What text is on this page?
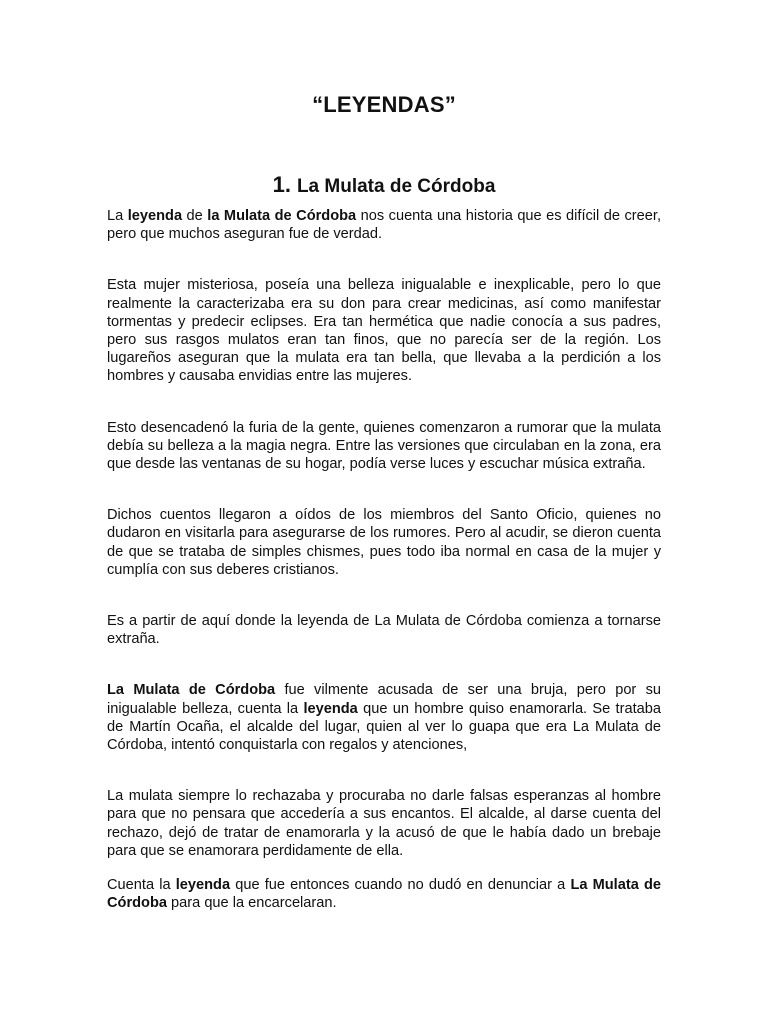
“LEYENDAS”
1. La Mulata de Córdoba

La leyenda de la Mulata de Córdoba nos cuenta una historia que es difícil de creer, pero que muchos aseguran fue de verdad.

Esta mujer misteriosa, poseía una belleza inigualable e inexplicable, pero lo que realmente la caracterizaba era su don para crear medicinas, así como manifestar tormentas y predecir eclipses. Era tan hermética que nadie conocía a sus padres, pero sus rasgos mulatos eran tan finos, que no parecía ser de la región. Los lugareños aseguran que la mulata era tan bella, que llevaba a la perdición a los hombres y causaba envidias entre las mujeres.

Esto desencadenó la furia de la gente, quienes comenzaron a rumorar que la mulata debía su belleza a la magia negra. Entre las versiones que circulaban en la zona, era que desde las ventanas de su hogar, podía verse luces y escuchar música extraña.

Dichos cuentos llegaron a oídos de los miembros del Santo Oficio, quienes no dudaron en visitarla para asegurarse de los rumores. Pero al acudir, se dieron cuenta de que se trataba de simples chismes, pues todo iba normal en casa de la mujer y cumplía con sus deberes cristianos.

Es a partir de aquí donde la leyenda de La Mulata de Córdoba comienza a tornarse extraña.

La Mulata de Córdoba fue vilmente acusada de ser una bruja, pero por su inigualable belleza, cuenta la leyenda que un hombre quiso enamorarla. Se trataba de Martín Ocaña, el alcalde del lugar, quien al ver lo guapa que era La Mulata de Córdoba, intentó conquistarla con regalos y atenciones,

La mulata siempre lo rechazaba y procuraba no darle falsas esperanzas al hombre para que no pensara que accedería a sus encantos. El alcalde, al darse cuenta del rechazo, dejó de tratar de enamorarla y la acusó de que le había dado un brebaje para que se enamorara perdidamente de ella.

Cuenta la leyenda que fue entonces cuando no dudó en denunciar a La Mulata de Córdoba para que la encarcelaran.
